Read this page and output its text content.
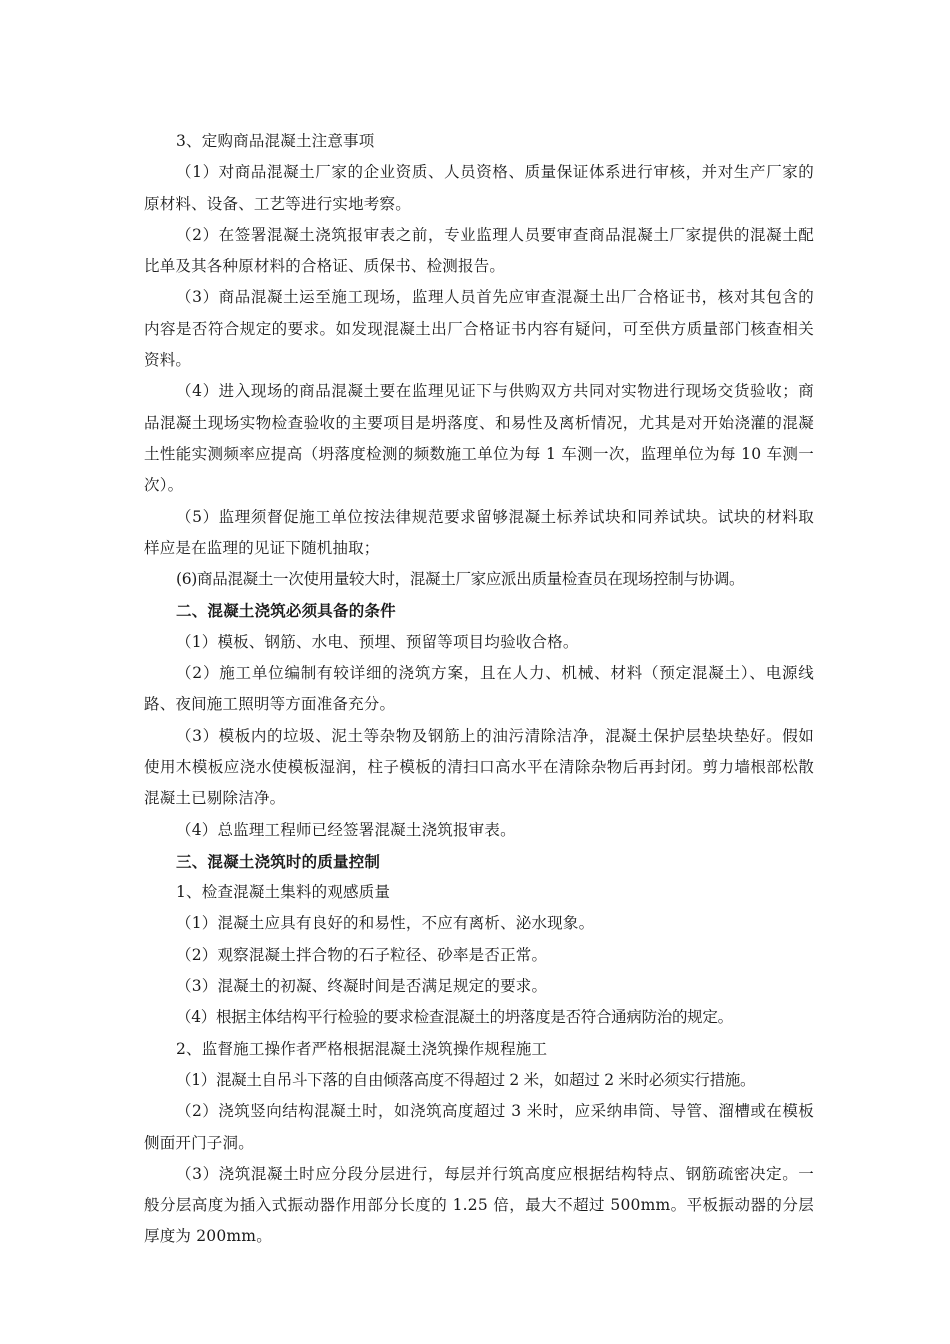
3、定购商品混凝土注意事项

（1）对商品混凝土厂家的企业资质、人员资格、质量保证体系进行审核，并对生产厂家的原材料、设备、工艺等进行实地考察。

（2）在签署混凝土浇筑报审表之前，专业监理人员要审查商品混凝土厂家提供的混凝土配比单及其各种原材料的合格证、质保书、检测报告。

（3）商品混凝土运至施工现场，监理人员首先应审查混凝土出厂合格证书，核对其包含的内容是否符合规定的要求。如发现混凝土出厂合格证书内容有疑问，可至供方质量部门核查相关资料。

（4）进入现场的商品混凝土要在监理见证下与供购双方共同对实物进行现场交货验收；商品混凝土现场实物检查验收的主要项目是坍落度、和易性及离析情况，尤其是对开始浇灌的混凝土性能实测频率应提高（坍落度检测的频数施工单位为每 1 车测一次，监理单位为每 10 车测一次）。

（5）监理须督促施工单位按法律规范要求留够混凝土标养试块和同养试块。试块的材料取样应是在监理的见证下随机抽取；

(6)商品混凝土一次使用量较大时，混凝土厂家应派出质量检查员在现场控制与协调。

二、混凝土浇筑必须具备的条件

（1）模板、钢筋、水电、预埋、预留等项目均验收合格。

（2）施工单位编制有较详细的浇筑方案，且在人力、机械、材料（预定混凝土）、电源线路、夜间施工照明等方面准备充分。

（3）模板内的垃圾、泥土等杂物及钢筋上的油污清除洁净，混凝土保护层垫块垫好。假如使用木模板应浇水使模板湿润，柱子模板的清扫口高水平在清除杂物后再封闭。剪力墙根部松散混凝土已剔除洁净。

（4）总监理工程师已经签署混凝土浇筑报审表。

三、混凝土浇筑时的质量控制

1、检查混凝土集料的观感质量

（1）混凝土应具有良好的和易性，不应有离析、泌水现象。

（2）观察混凝土拌合物的石子粒径、砂率是否正常。

（3）混凝土的初凝、终凝时间是否满足规定的要求。

（4）根据主体结构平行检验的要求检查混凝土的坍落度是否符合通病防治的规定。

2、监督施工操作者严格根据混凝土浇筑操作规程施工

（1）混凝土自吊斗下落的自由倾落高度不得超过 2 米，如超过 2 米时必须实行措施。

（2）浇筑竖向结构混凝土时，如浇筑高度超过 3 米时，应采纳串筒、导管、溜槽或在模板侧面开门子洞。

（3）浇筑混凝土时应分段分层进行，每层并行筑高度应根据结构特点、钢筋疏密决定。一般分层高度为插入式振动器作用部分长度的 1.25 倍，最大不超过 500mm。平板振动器的分层厚度为 200mm。
